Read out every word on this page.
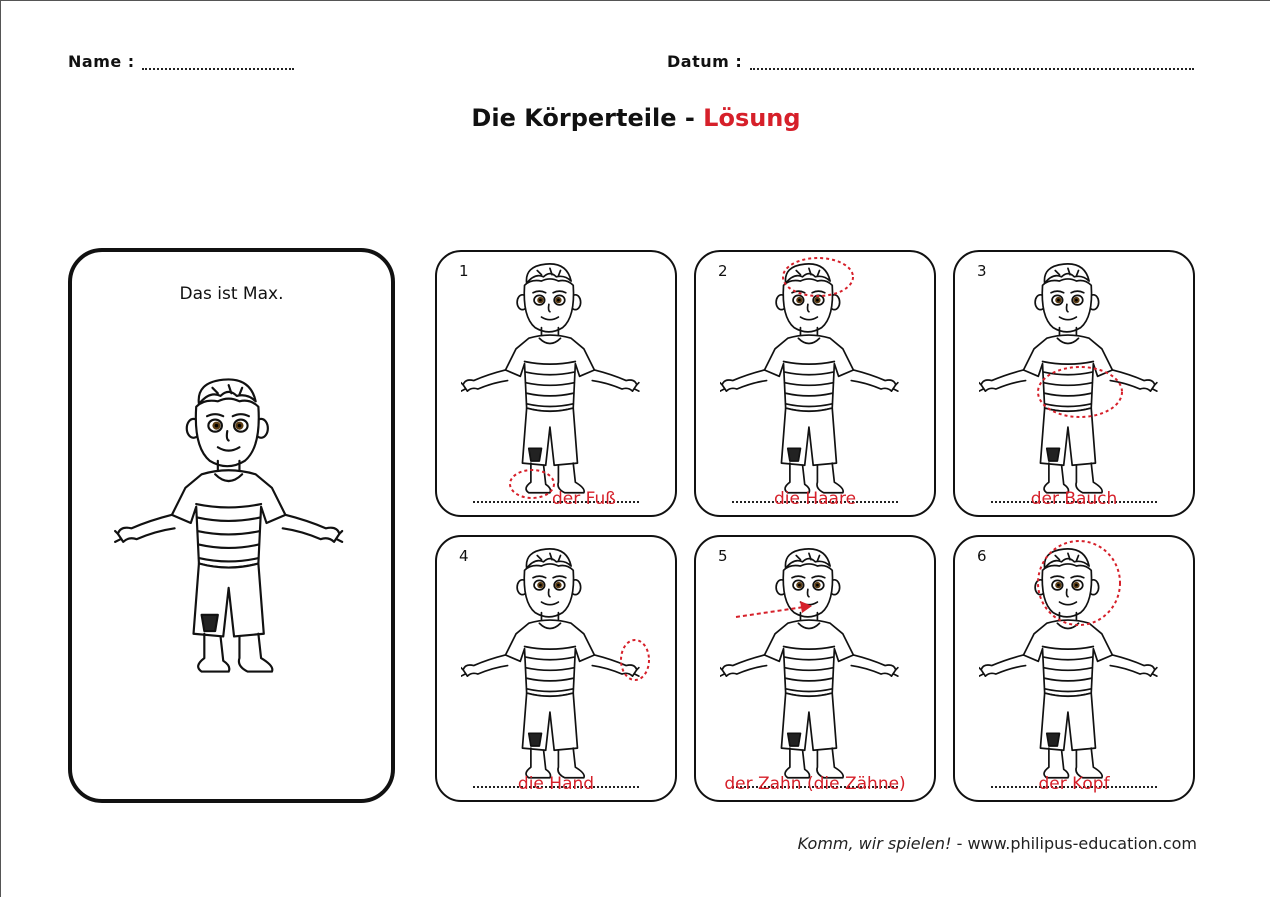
Name :	Datum :
Die Körperteile - Lösung
Das ist Max.
1
der Fuß
2
die Haare
3
der Bauch
4
die Hand
5
der Zahn (die Zähne)
6
der Kopf
Komm, wir spielen! - www.philipus-education.com
